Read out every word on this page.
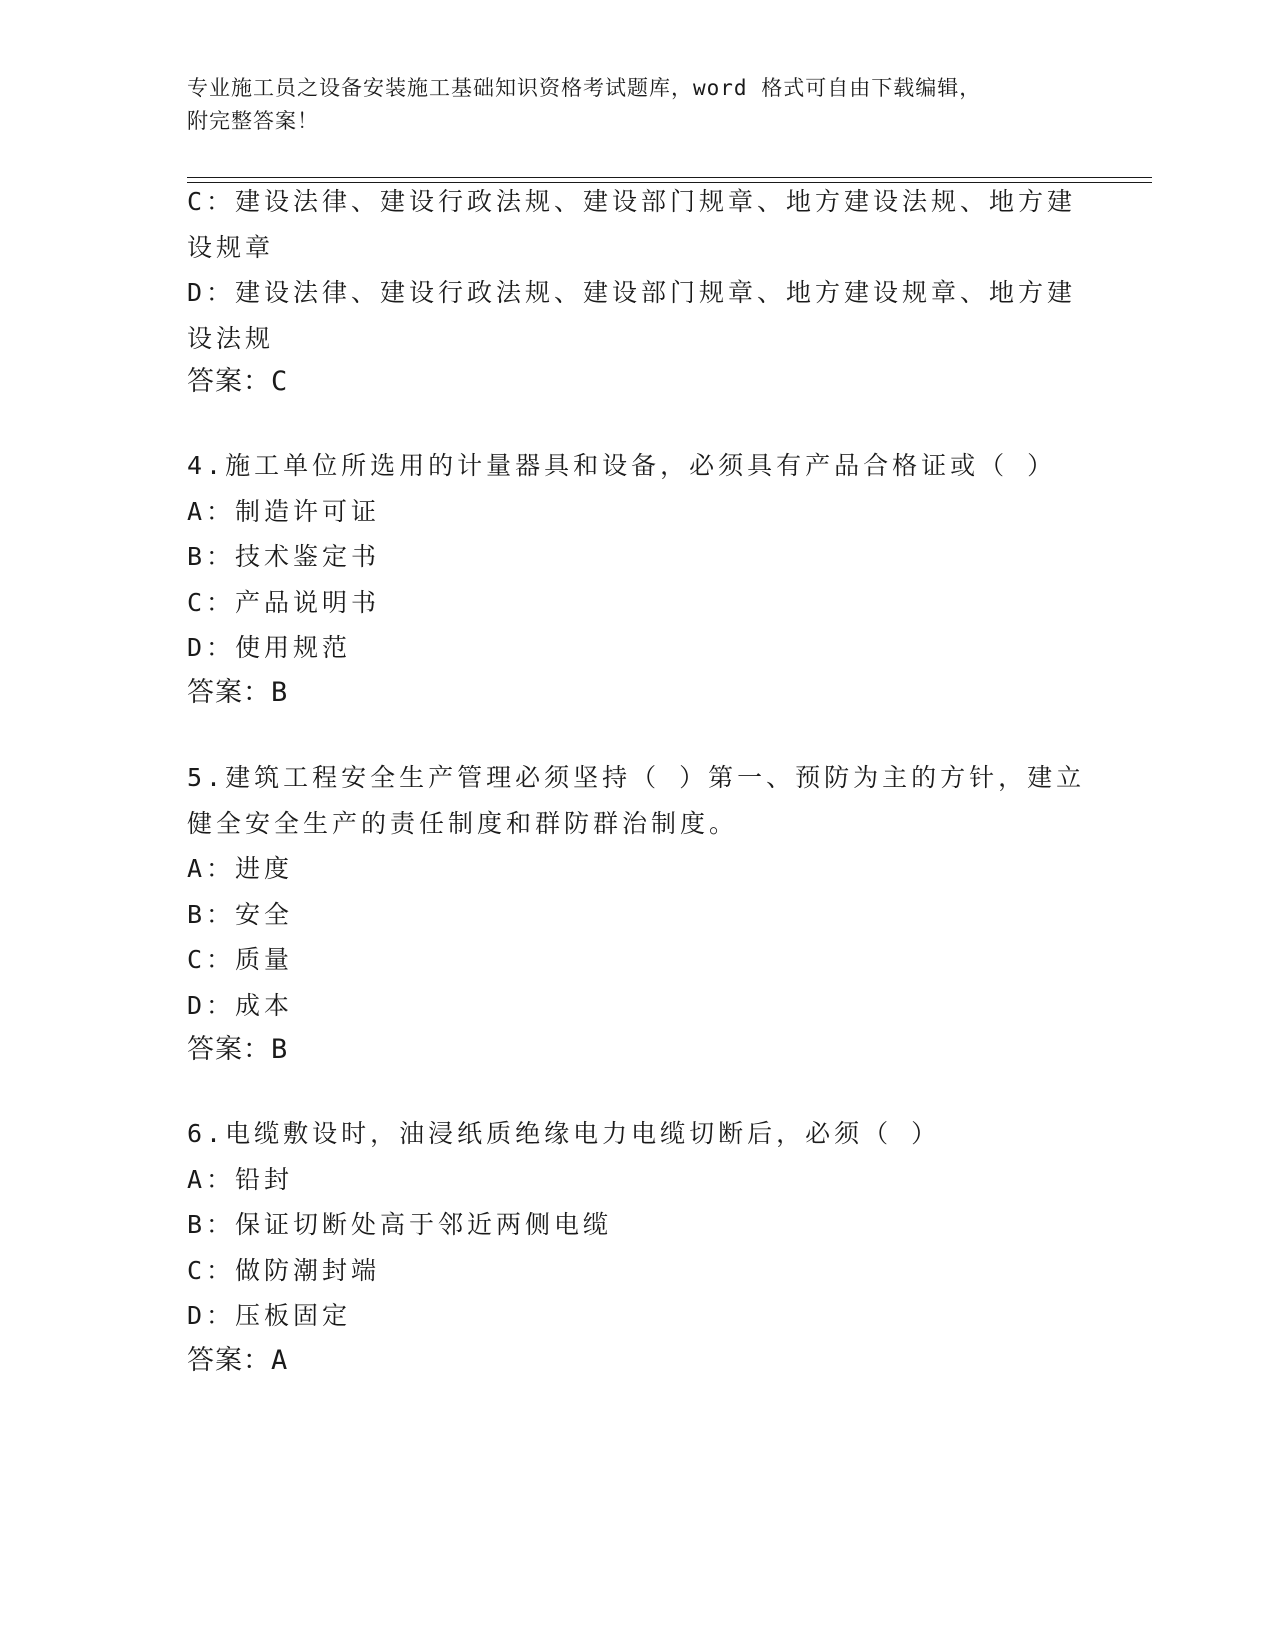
专业施工员之设备安装施工基础知识资格考试题库，word 格式可自由下载编辑，
附完整答案！
C：建设法律、建设行政法规、建设部门规章、地方建设法规、地方建
设规章
D：建设法律、建设行政法规、建设部门规章、地方建设规章、地方建
设法规
答案：C
4.施工单位所选用的计量器具和设备，必须具有产品合格证或（ ）
A：制造许可证
B：技术鉴定书
C：产品说明书
D：使用规范
答案：B
5.建筑工程安全生产管理必须坚持（ ）第一、预防为主的方针，建立
健全安全生产的责任制度和群防群治制度。
A：进度
B：安全
C：质量
D：成本
答案：B
6.电缆敷设时，油浸纸质绝缘电力电缆切断后，必须（ ）
A：铅封
B：保证切断处高于邻近两侧电缆
C：做防潮封端
D：压板固定
答案：A
